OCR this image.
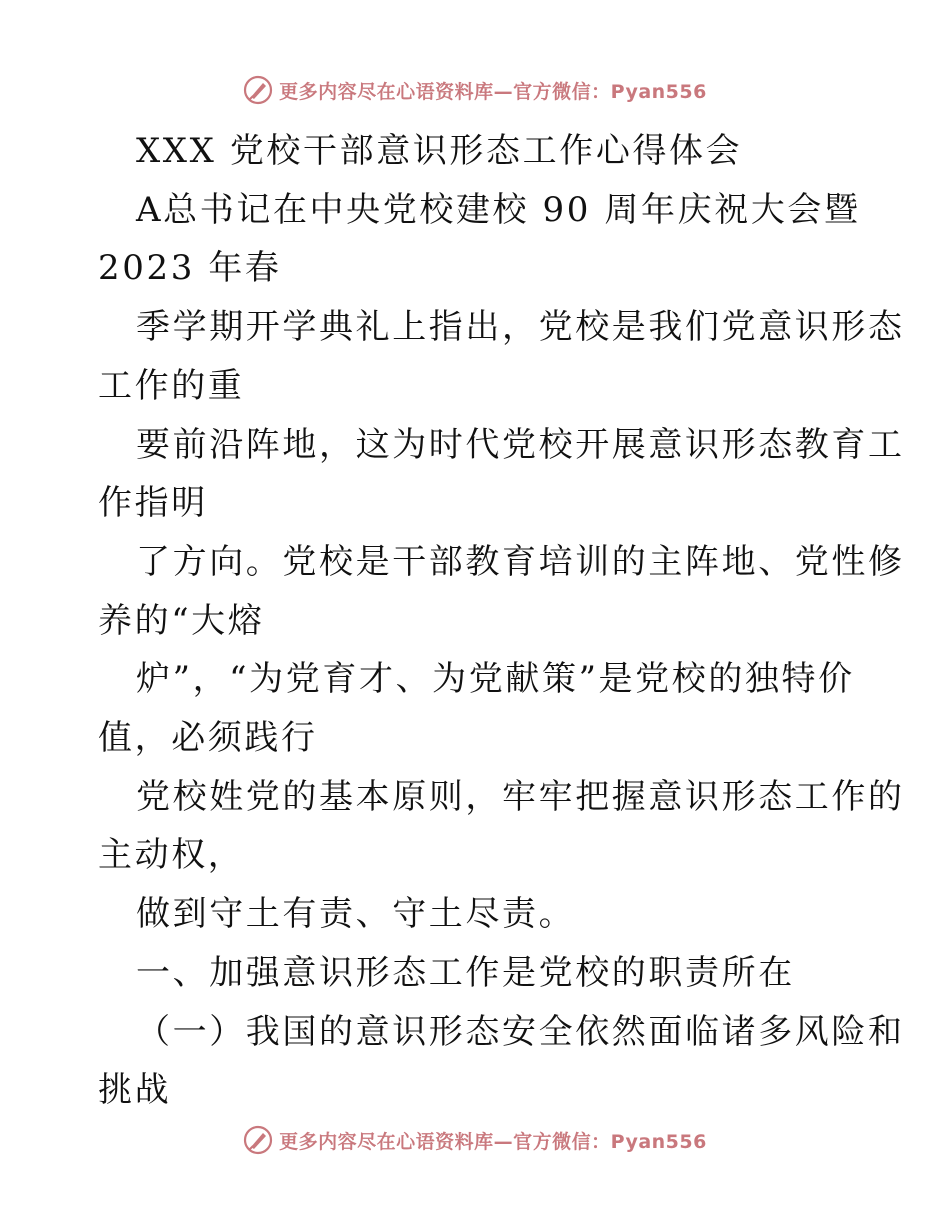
更多内容尽在心语资料库—官方微信：Pyan556
XXX 党校干部意识形态工作心得体会
A总书记在中央党校建校 90 周年庆祝大会暨
2023 年春
季学期开学典礼上指出，党校是我们党意识形态
工作的重
要前沿阵地，这为时代党校开展意识形态教育工
作指明
了方向。党校是干部教育培训的主阵地、党性修
养的“大熔
炉”，“为党育才、为党献策”是党校的独特价
值，必须践行
党校姓党的基本原则，牢牢把握意识形态工作的
主动权，
做到守土有责、守土尽责。
一、加强意识形态工作是党校的职责所在
（一）我国的意识形态安全依然面临诸多风险和
挑战
更多内容尽在心语资料库—官方微信：Pyan556
